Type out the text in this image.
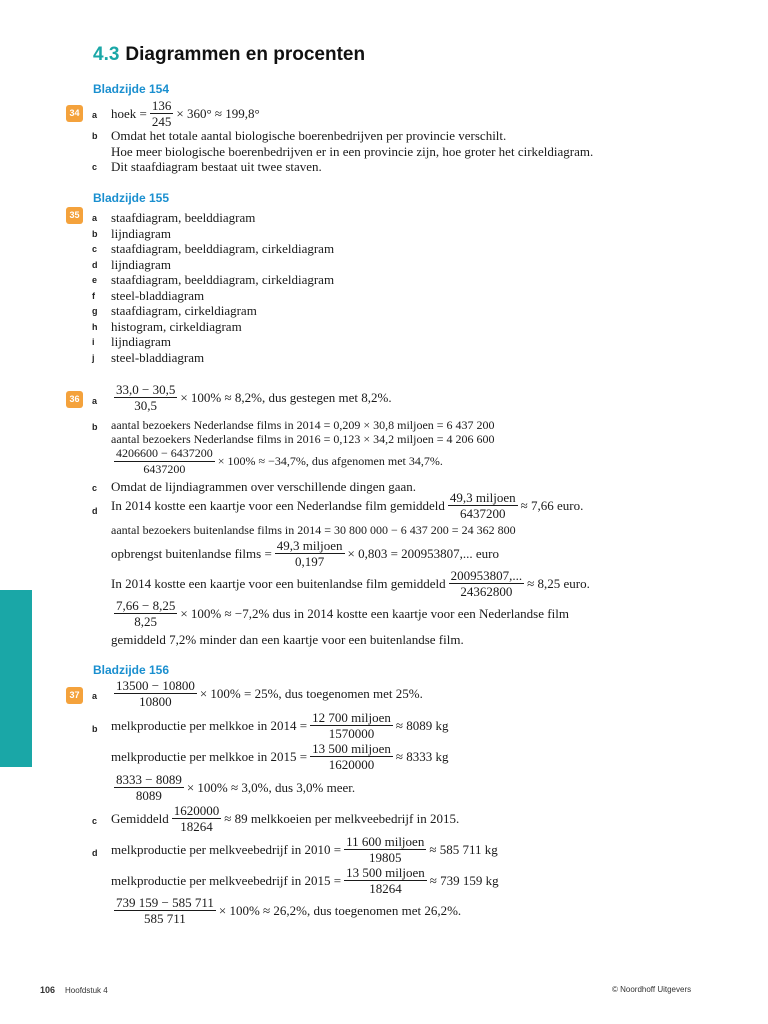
4.3 Diagrammen en procenten
Bladzijde 154
34	a hoek = $\frac{136}{245} \times 360^\circ \approx 199,8^\circ$
b Omdat het totale aantal biologische boerenbedrijven per provincie verschilt.
Hoe meer biologische boerenbedrijven er in een provincie zijn, hoe groter het cirkeldiagram.
c Dit staafdiagram bestaat uit twee staven.
Bladzijde 155
35	a staafdiagram, beelddiagram
b lijndiagram
c staafdiagram, beelddiagram, cirkeldiagram
d lijndiagram
e staafdiagram, beelddiagram, cirkeldiagram
f steel-bladdiagram
g staafdiagram, cirkeldiagram
h histogram, cirkeldiagram
i lijndiagram
j steel-bladdiagram
36	a $\frac{33,0 - 30,5}{30,5} \times 100\% \approx 8,2\%$, dus gestegen met 8,2%.
b aantal bezoekers Nederlandse films in 2014 = 0,209 × 30,8 miljoen = 6 437 200
aantal bezoekers Nederlandse films in 2016 = 0,123 × 34,2 miljoen = 4 206 600
$\frac{4206600 - 6437200}{6437200} \times 100\% \approx -34,7\%$, dus afgenomen met 34,7%.
c Omdat de lijndiagrammen over verschillende dingen gaan.
d In 2014 kostte een kaartje voor een Nederlandse film gemiddeld $\frac{\text{49,3 miljoen}}{6437200} \approx 7,66$ euro.
aantal bezoekers buitenlandse films in 2014 = 30 800 000 − 6 437 200 = 24 362 800
opbrengst buitenlandse films = $\frac{\text{49,3 miljoen}}{0,197} \times 0,803 = 200953807$,... euro
In 2014 kostte een kaartje voor een buitenlandse film gemiddeld $\frac{200953807,...}{24362800} \approx 8,25$ euro.
$\frac{7,66 - 8,25}{8,25} \times 100\% \approx -7,2\%$ dus in 2014 kostte een kaartje voor een Nederlandse film
gemiddeld 7,2% minder dan een kaartje voor een buitenlandse film.
Bladzijde 156
37	a $\frac{13500 - 10800}{10800} \times 100\% = 25\%$, dus toegenomen met 25%.
b melkproductie per melkkoe in $2014 = \frac{\text{12 700 miljoen}}{1570000} \approx 8089$ kg
melkproductie per melkkoe in $2015 = \frac{\text{13 500 miljoen}}{1620000} \approx 8333$ kg
$\frac{8333 - 8089}{8089} \times 100\% \approx 3,0\%$, dus 3,0% meer.
c Gemiddeld $\frac{1620000}{18264} \approx 89$ melkkoeien per melkveebedrijf in 2015.
d melkproductie per melkveebedrijf in $2010 = \frac{\text{11 600 miljoen}}{19805} \approx 585$ 711 kg
melkproductie per melkveebedrijf in $2015 = \frac{\text{13 500 miljoen}}{18264} \approx 739$ 159 kg
$\frac{739 159 - 585 711}{585 711} \times 100\% \approx 26,2\%$, dus toegenomen met 26,2%.
106 Hoofdstuk 4	© Noordhoff Uitgevers
